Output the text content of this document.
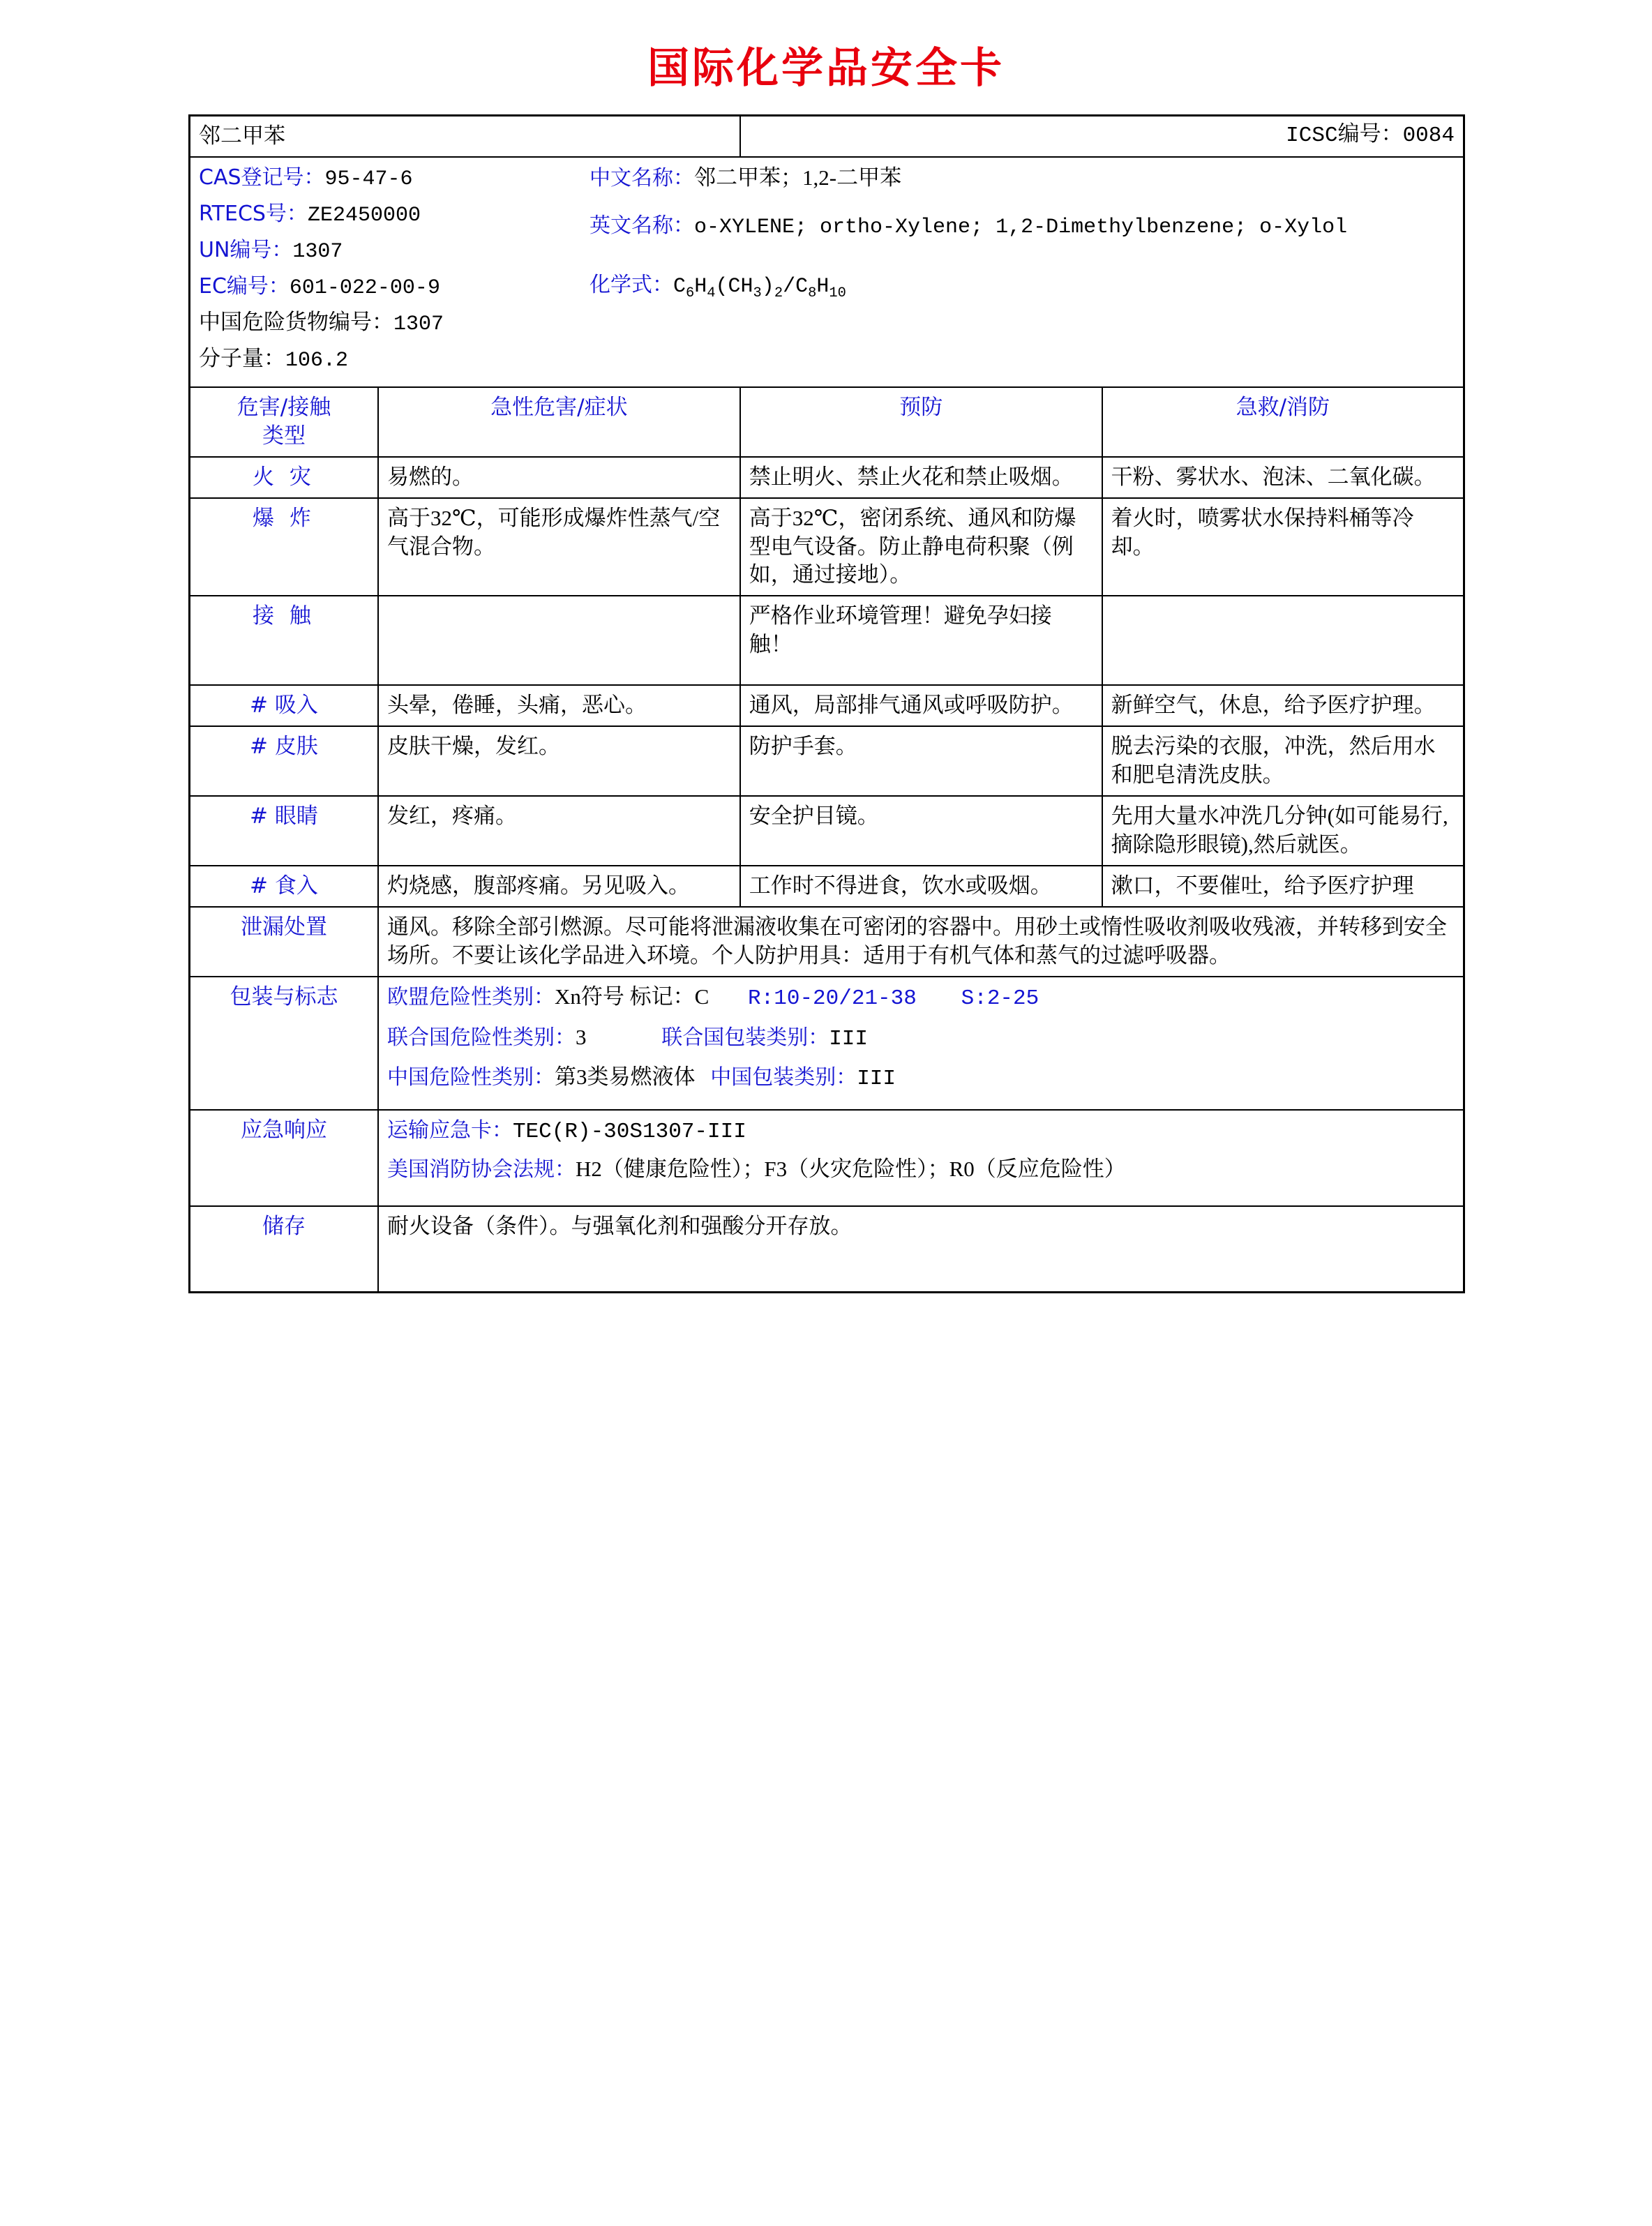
国际化学品安全卡
邻二甲苯		ICSC编号：0084	

CAS登记号：95-47-6
RTECS号：ZE2450000
UN编号：1307
EC编号：601-022-00-9
中国危险货物编号：1307
分子量：106.2
中文名称：邻二甲苯；1,2-二甲苯
英文名称：o-XYLENE; ortho-Xylene; 1,2-Dimethylbenzene; o-Xylol
化学式：$C_6H_4(CH_3)_2/C_8H_{10}$

危害/接触
类型	急性危害/症状	预防	急救/消防
火 灾	易燃的。	禁止明火、禁止火花和禁止吸烟。	干粉、雾状水、泡沫、二氧化碳。
爆 炸	高于32℃，可能形成爆炸性蒸气/空气混合物。	高于32℃，密闭系统、通风和防爆型电气设备。防止静电荷积聚（例如，通过接地）。	着火时，喷雾状水保持料桶等冷却。
接 触		严格作业环境管理！避免孕妇接触！	
# 吸入	头晕，倦睡，头痛，恶心。	通风，局部排气通风或呼吸防护。	新鲜空气，休息，给予医疗护理。
# 皮肤	皮肤干燥，发红。	防护手套。	脱去污染的衣服，冲洗，然后用水和肥皂清洗皮肤。
# 眼睛	发红，疼痛。	安全护目镜。	先用大量水冲洗几分钟(如可能易行,摘除隐形眼镜),然后就医。
# 食入	灼烧感，腹部疼痛。另见吸入。	工作时不得进食，饮水或吸烟。	漱口，不要催吐，给予医疗护理
泄漏处置	通风。移除全部引燃源。尽可能将泄漏液收集在可密闭的容器中。用砂土或惰性吸收剂吸收残液，并转移到安全场所。不要让该化学品进入环境。个人防护用具：适用于有机气体和蒸气的过滤呼吸器。		
包装与标志	欧盟危险性类别：Xn符号 标记：C R:10-20/21-38 S:2-25
联合国危险性类别：3 联合国包装类别：III
中国危险性类别：第3类易燃液体 中国包装类别：III		

应急响应	运输应急卡：TEC(R)-30S1307-III
美国消防协会法规：H2（健康危险性）；F3（火灾危险性）；R0（反应危险性）		

储存	耐火设备（条件）。与强氧化剂和强酸分开存放。		
